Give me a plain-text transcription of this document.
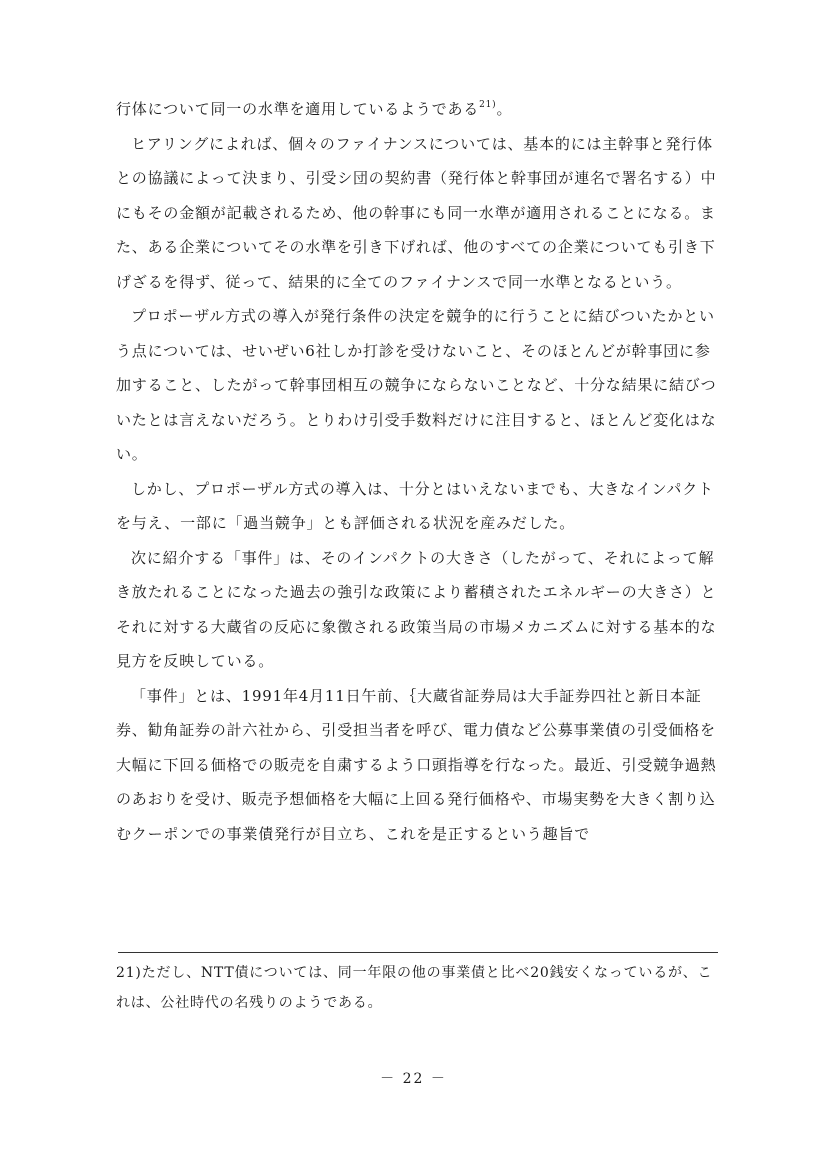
行体について同一の水準を適用しているようである$^{21)}$。

ヒアリングによれば、個々のファイナンスについては、基本的には主幹事と発行体との協議によって決まり、引受シ団の契約書（発行体と幹事団が連名で署名する）中にもその金額が記載されるため、他の幹事にも同一水準が適用されることになる。また、ある企業についてその水準を引き下げれば、他のすべての企業についても引き下げざるを得ず、従って、結果的に全てのファイナンスで同一水準となるという。

プロポーザル方式の導入が発行条件の決定を競争的に行うことに結びついたかという点については、せいぜい6社しか打診を受けないこと、そのほとんどが幹事団に参加すること、したがって幹事団相互の競争にならないことなど、十分な結果に結びついたとは言えないだろう。とりわけ引受手数料だけに注目すると、ほとんど変化はない。

しかし、プロポーザル方式の導入は、十分とはいえないまでも、大きなインパクトを与え、一部に「過当競争」とも評価される状況を産みだした。

次に紹介する「事件」は、そのインパクトの大きさ（したがって、それによって解き放たれることになった過去の強引な政策により蓄積されたエネルギーの大きさ）とそれに対する大蔵省の反応に象徴される政策当局の市場メカニズムに対する基本的な見方を反映している。

「事件」とは、1991年4月11日午前、｛大蔵省証券局は大手証券四社と新日本証券、勧角証券の計六社から、引受担当者を呼び、電力債など公募事業債の引受価格を大幅に下回る価格での販売を自粛するよう口頭指導を行なった。最近、引受競争過熱のあおりを受け、販売予想価格を大幅に上回る発行価格や、市場実勢を大きく割り込むクーポンでの事業債発行が目立ち、これを是正するという趣旨で

21)ただし、NTT債については、同一年限の他の事業債と比べ20銭安くなっているが、これは、公社時代の名残りのようである。

－ 22 －
